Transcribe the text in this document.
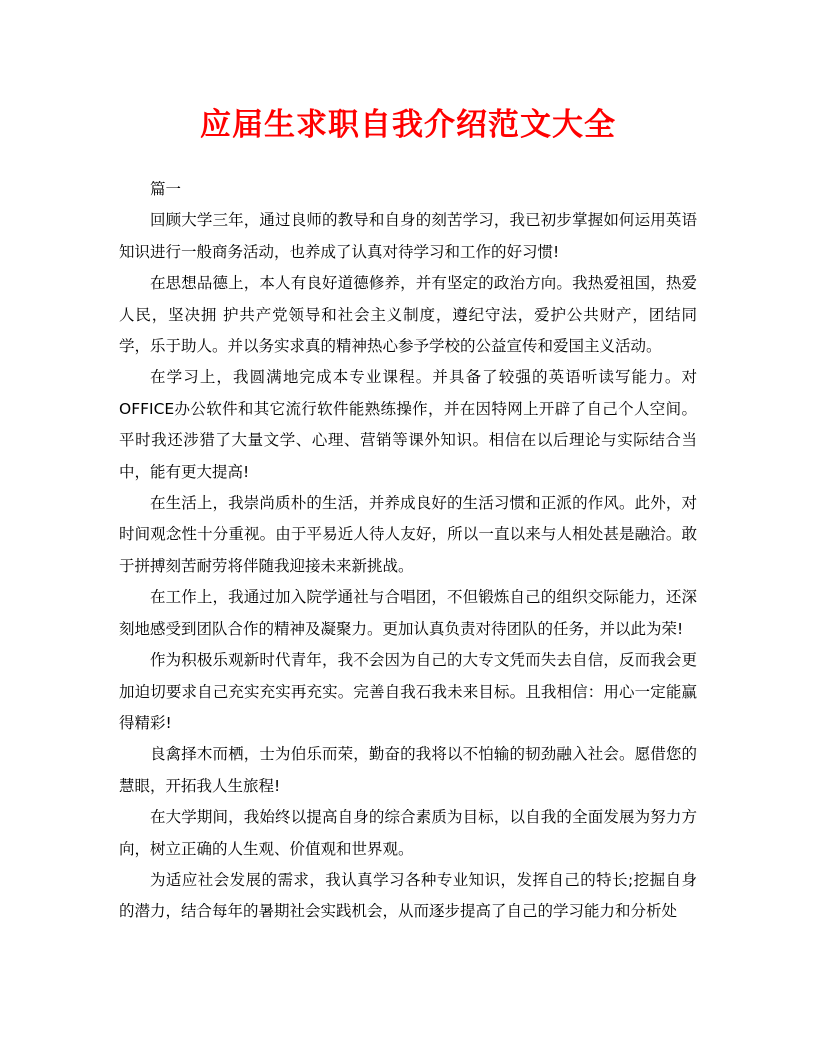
应届生求职自我介绍范文大全

篇一

回顾大学三年，通过良师的教导和自身的刻苦学习，我已初步掌握如何运用英语知识进行一般商务活动，也养成了认真对待学习和工作的好习惯!

在思想品德上，本人有良好道德修养，并有坚定的政治方向。我热爱祖国，热爱人民，坚决拥 护共产党领导和社会主义制度，遵纪守法，爱护公共财产，团结同学，乐于助人。并以务实求真的精神热心参予学校的公益宣传和爱国主义活动。

在学习上，我圆满地完成本专业课程。并具备了较强的英语听读写能力。对OFFICE办公软件和其它流行软件能熟练操作，并在因特网上开辟了自己个人空间。平时我还涉猎了大量文学、心理、营销等课外知识。相信在以后理论与实际结合当中，能有更大提高!

在生活上，我崇尚质朴的生活，并养成良好的生活习惯和正派的作风。此外，对时间观念性十分重视。由于平易近人待人友好，所以一直以来与人相处甚是融洽。敢于拼搏刻苦耐劳将伴随我迎接未来新挑战。

在工作上，我通过加入院学通社与合唱团，不但锻炼自己的组织交际能力，还深刻地感受到团队合作的精神及凝聚力。更加认真负责对待团队的任务，并以此为荣!

作为积极乐观新时代青年，我不会因为自己的大专文凭而失去自信，反而我会更加迫切要求自己充实充实再充实。完善自我石我未来目标。且我相信：用心一定能赢得精彩!

良禽择木而栖，士为伯乐而荣，勤奋的我将以不怕输的韧劲融入社会。愿借您的慧眼，开拓我人生旅程!

在大学期间，我始终以提高自身的综合素质为目标，以自我的全面发展为努力方向，树立正确的人生观、价值观和世界观。

为适应社会发展的需求，我认真学习各种专业知识，发挥自己的特长;挖掘自身的潜力，结合每年的暑期社会实践机会，从而逐步提高了自己的学习能力和分析处
